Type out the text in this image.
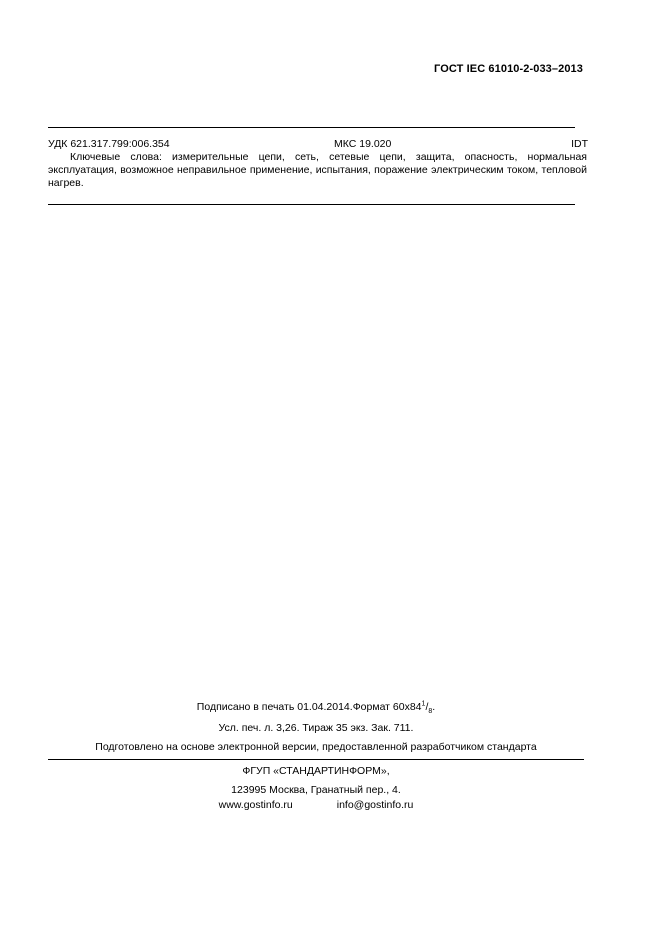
ГОСТ IEC 61010-2-033–2013
УДК 621.317.799:006.354	МКС 19.020	IDT
Ключевые слова: измерительные цепи, сеть, сетевые цепи, защита, опасность, нормальная эксплуатация, возможное неправильное применение, испытания, поражение электрическим током, тепловой нагрев.
Подписано в печать 01.04.2014.Формат $60х84^1/_8$.
Усл. печ. л. 3,26. Тираж 35 экз. Зак. 711.
Подготовлено на основе электронной версии, предоставленной разработчиком стандарта
ФГУП «СТАНДАРТИНФОРМ»,
123995 Москва, Гранатный пер., 4.
www.gostinfo.ru	info@gostinfo.ru
